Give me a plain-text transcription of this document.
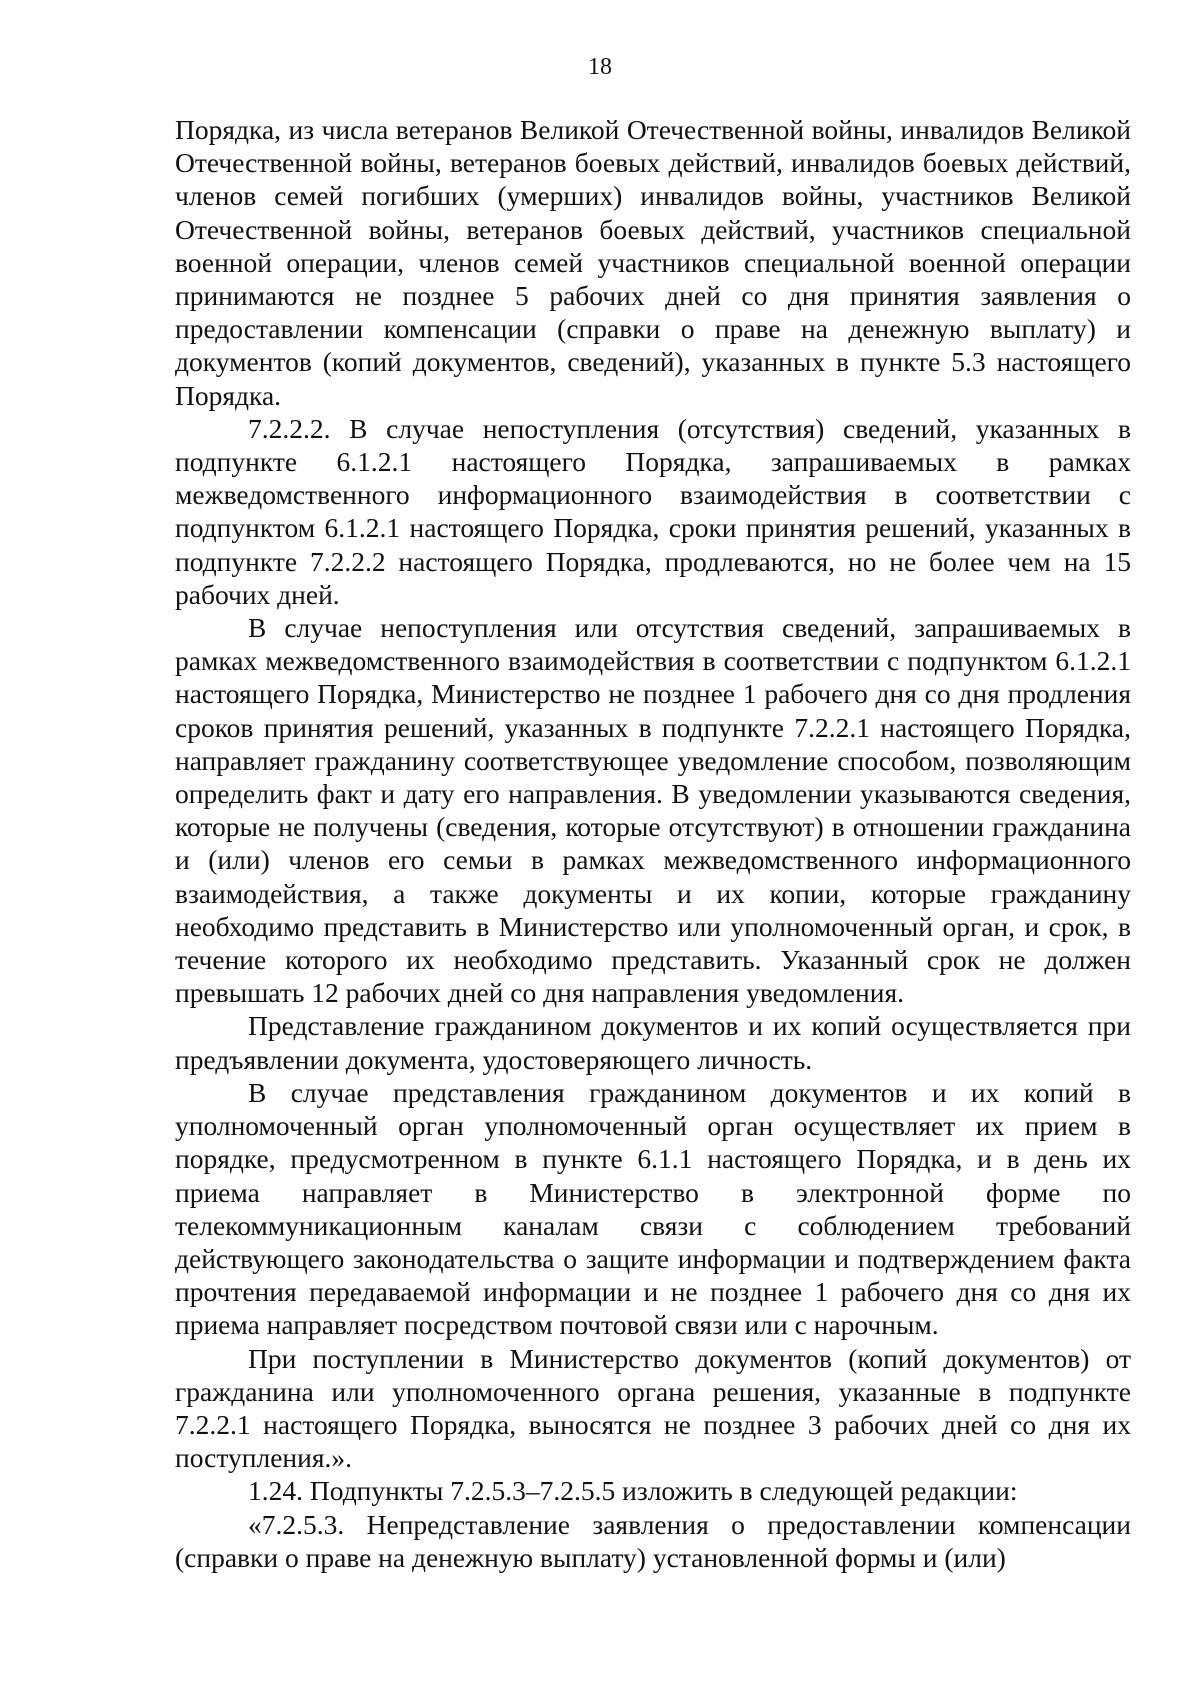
18

Порядка, из числа ветеранов Великой Отечественной войны, инвалидов Великой Отечественной войны, ветеранов боевых действий, инвалидов боевых действий, членов семей погибших (умерших) инвалидов войны, участников Великой Отечественной войны, ветеранов боевых действий, участников специальной военной операции, членов семей участников специальной военной операции принимаются не позднее 5 рабочих дней со дня принятия заявления о предоставлении компенсации (справки о праве на денежную выплату) и документов (копий документов, сведений), указанных в пункте 5.3 настоящего Порядка.

7.2.2.2. В случае непоступления (отсутствия) сведений, указанных в подпункте 6.1.2.1 настоящего Порядка, запрашиваемых в рамках межведомственного информационного взаимодействия в соответствии с подпунктом 6.1.2.1 настоящего Порядка, сроки принятия решений, указанных в подпункте 7.2.2.2 настоящего Порядка, продлеваются, но не более чем на 15 рабочих дней.

В случае непоступления или отсутствия сведений, запрашиваемых в рамках межведомственного взаимодействия в соответствии с подпунктом 6.1.2.1 настоящего Порядка, Министерство не позднее 1 рабочего дня со дня продления сроков принятия решений, указанных в подпункте 7.2.2.1 настоящего Порядка, направляет гражданину соответствующее уведомление способом, позволяющим определить факт и дату его направления. В уведомлении указываются сведения, которые не получены (сведения, которые отсутствуют) в отношении гражданина и (или) членов его семьи в рамках межведомственного информационного взаимодействия, а также документы и их копии, которые гражданину необходимо представить в Министерство или уполномоченный орган, и срок, в течение которого их необходимо представить. Указанный срок не должен превышать 12 рабочих дней со дня направления уведомления.

Представление гражданином документов и их копий осуществляется при предъявлении документа, удостоверяющего личность.

В случае представления гражданином документов и их копий в уполномоченный орган уполномоченный орган осуществляет их прием в порядке, предусмотренном в пункте 6.1.1 настоящего Порядка, и в день их приема направляет в Министерство в электронной форме по телекоммуникационным каналам связи с соблюдением требований действующего законодательства о защите информации и подтверждением факта прочтения передаваемой информации и не позднее 1 рабочего дня со дня их приема направляет посредством почтовой связи или с нарочным.

При поступлении в Министерство документов (копий документов) от гражданина или уполномоченного органа решения, указанные в подпункте 7.2.2.1 настоящего Порядка, выносятся не позднее 3 рабочих дней со дня их поступления.».

1.24. Подпункты 7.2.5.3–7.2.5.5 изложить в следующей редакции:

«7.2.5.3. Непредставление заявления о предоставлении компенсации (справки о праве на денежную выплату) установленной формы и (или)
